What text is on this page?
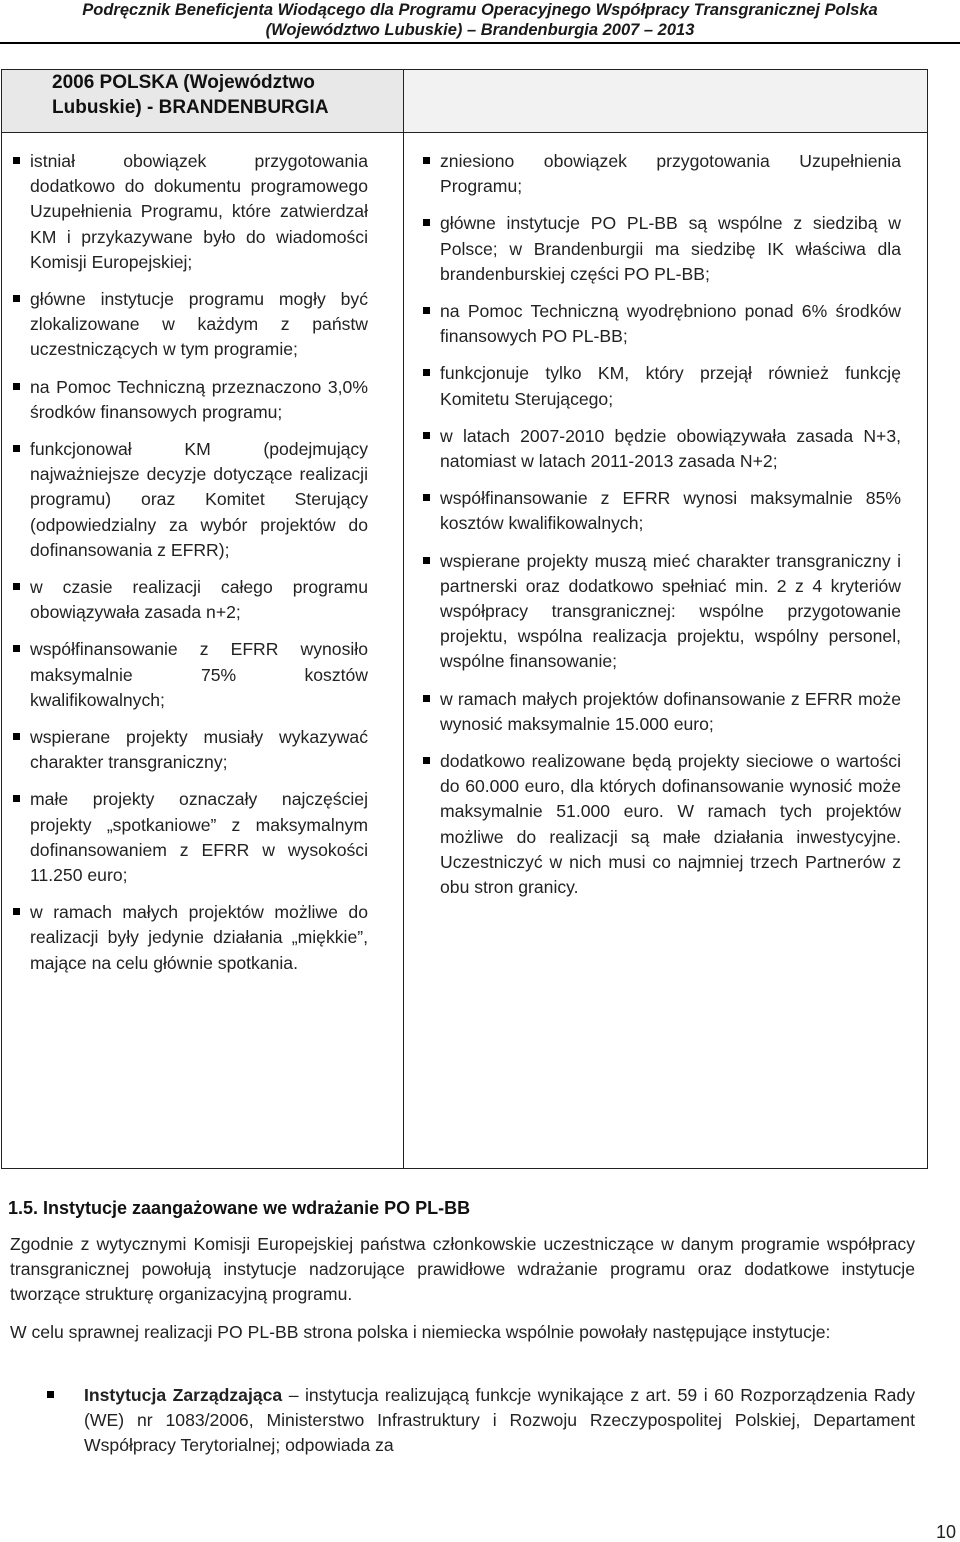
Podręcznik Beneficjenta Wiodącego dla Programu Operacyjnego Współpracy Transgranicznej Polska
(Województwo Lubuskie) – Brandenburgia 2007 – 2013
2006 POLSKA (Województwo Lubuskie) - BRANDENBURGIA
istniał obowiązek przygotowania dodatkowo do dokumentu programowego Uzupełnienia Programu, które zatwierdzał KM i przykazywane było do wiadomości Komisji Europejskiej;
główne instytucje programu mogły być zlokalizowane w każdym z państw uczestniczących w tym programie;
na Pomoc Techniczną przeznaczono 3,0% środków finansowych programu;
funkcjonował KM (podejmujący najważniejsze decyzje dotyczące realizacji programu) oraz Komitet Sterujący (odpowiedzialny za wybór projektów do dofinansowania z EFRR);
w czasie realizacji całego programu obowiązywała zasada n+2;
współfinansowanie z EFRR wynosiło maksymalnie 75% kosztów kwalifikowalnych;
wspierane projekty musiały wykazywać charakter transgraniczny;
małe projekty oznaczały najczęściej projekty „spotkaniowe” z maksymalnym dofinansowaniem z EFRR w wysokości 11.250 euro;
w ramach małych projektów możliwe do realizacji były jedynie działania „miękkie”, mające na celu głównie spotkania.
zniesiono obowiązek przygotowania Uzupełnienia Programu;
główne instytucje PO PL-BB są wspólne z siedzibą w Polsce; w Brandenburgii ma siedzibę IK właściwa dla brandenburskiej części PO PL-BB;
na Pomoc Techniczną wyodrębniono ponad 6% środków finansowych PO PL-BB;
funkcjonuje tylko KM, który przejął również funkcję Komitetu Sterującego;
w latach 2007-2010 będzie obowiązywała zasada N+3, natomiast w latach 2011-2013 zasada N+2;
współfinansowanie z EFRR wynosi maksymalnie 85% kosztów kwalifikowalnych;
wspierane projekty muszą mieć charakter transgraniczny i partnerski oraz dodatkowo spełniać min. 2 z 4 kryteriów współpracy transgranicznej: wspólne przygotowanie projektu, wspólna realizacja projektu, wspólny personel, wspólne finansowanie;
w ramach małych projektów dofinansowanie z EFRR może wynosić maksymalnie 15.000 euro;
dodatkowo realizowane będą projekty sieciowe o wartości do 60.000 euro, dla których dofinansowanie wynosić może maksymalnie 51.000 euro. W ramach tych projektów możliwe do realizacji są małe działania inwestycyjne. Uczestniczyć w nich musi co najmniej trzech Partnerów z obu stron granicy.
1.5. Instytucje zaangażowane we wdrażanie PO PL-BB
Zgodnie z wytycznymi Komisji Europejskiej państwa członkowskie uczestniczące w danym programie współpracy transgranicznej powołują instytucje nadzorujące prawidłowe wdrażanie programu oraz dodatkowe instytucje tworzące strukturę organizacyjną programu.
W celu sprawnej realizacji PO PL-BB strona polska i niemiecka wspólnie powołały następujące instytucje:
Instytucja Zarządzająca – instytucja realizującą funkcje wynikające z art. 59 i 60 Rozporządzenia Rady (WE) nr 1083/2006, Ministerstwo Infrastruktury i Rozwoju Rzeczypospolitej Polskiej, Departament Współpracy Terytorialnej; odpowiada za
10
